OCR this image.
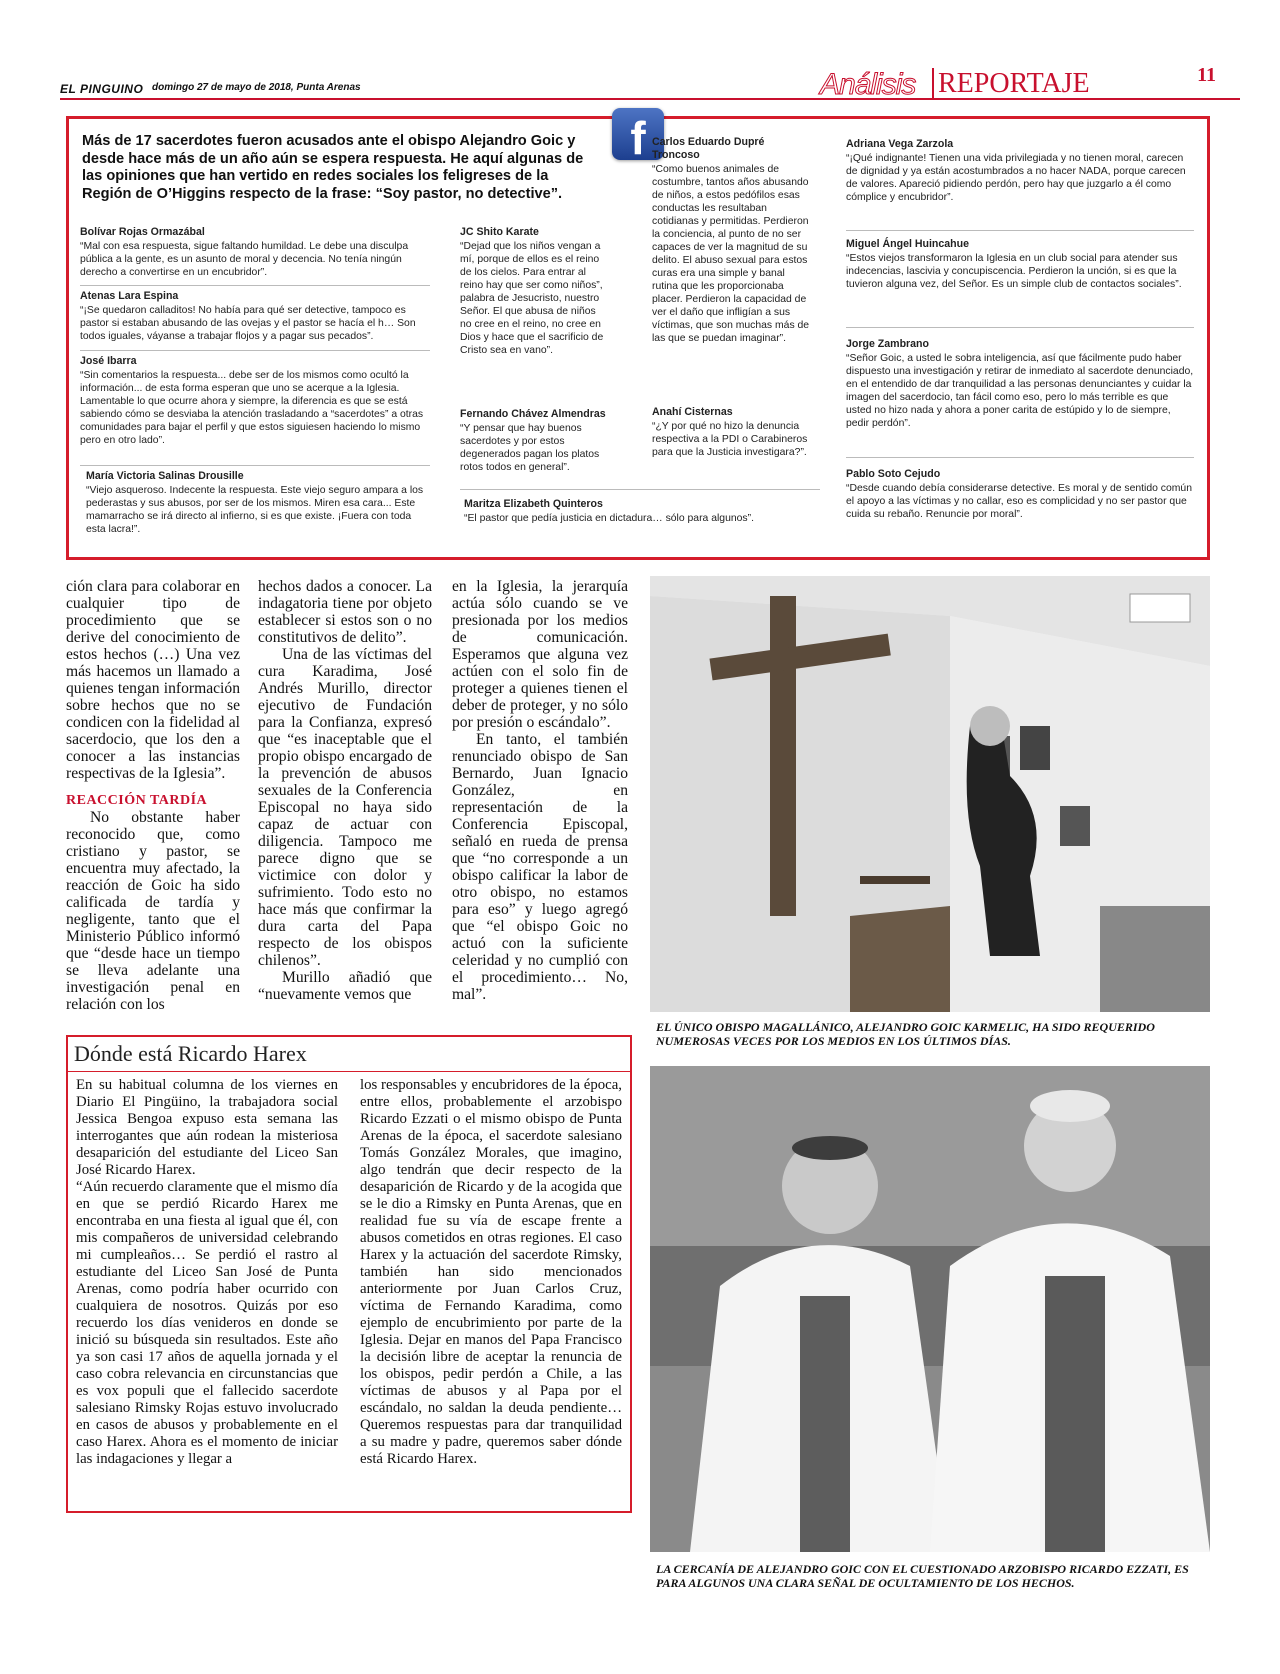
EL PINGUINO domingo 27 de mayo de 2018, Punta Arenas	Análisis REPORTAJE	11
f
Más de 17 sacerdotes fueron acusados ante el obispo Alejandro Goic y desde hace más de un año aún se espera respuesta. He aquí algunas de las opiniones que han vertido en redes sociales los feligreses de la Región de O’Higgins respecto de la frase: “Soy pastor, no detective”.
Bolívar Rojas Ormazábal
“Mal con esa respuesta, sigue faltando humildad. Le debe una disculpa pública a la gente, es un asunto de moral y decencia. No tenía ningún derecho a convertirse en un encubridor”.
Atenas Lara Espina
“¡Se quedaron calladitos! No había para qué ser detective, tampoco es pastor si estaban abusando de las ovejas y el pastor se hacía el h… Son todos iguales, váyanse a trabajar flojos y a pagar sus pecados”.
José Ibarra
“Sin comentarios la respuesta... debe ser de los mismos como ocultó la información... de esta forma esperan que uno se acerque a la Iglesia. Lamentable lo que ocurre ahora y siempre, la diferencia es que se está sabiendo cómo se desviaba la atención trasladando a “sacerdotes” a otras comunidades para bajar el perfil y que estos siguiesen haciendo lo mismo pero en otro lado”.
María Victoria Salinas Drousille
“Viejo asqueroso. Indecente la respuesta. Este viejo seguro ampara a los pederastas y sus abusos, por ser de los mismos. Miren esa cara... Este mamarracho se irá directo al infierno, si es que existe. ¡Fuera con toda esta lacra!”.
JC Shito Karate
“Dejad que los niños vengan a mí, porque de ellos es el reino de los cielos. Para entrar al reino hay que ser como niños”, palabra de Jesucristo, nuestro Señor. El que abusa de niños no cree en el reino, no cree en Dios y hace que el sacrificio de Cristo sea en vano”.
Fernando Chávez Almendras
“Y pensar que hay buenos sacerdotes y por estos degenerados pagan los platos rotos todos en general”.
Maritza Elizabeth Quinteros
“El pastor que pedía justicia en dictadura… sólo para algunos”.
Carlos Eduardo Dupré Troncoso
“Como buenos animales de costumbre, tantos años abusando de niños, a estos pedófilos esas conductas les resultaban cotidianas y permitidas. Perdieron la conciencia, al punto de no ser capaces de ver la magnitud de su delito. El abuso sexual para estos curas era una simple y banal rutina que les proporcionaba placer. Perdieron la capacidad de ver el daño que infligían a sus víctimas, que son muchas más de las que se puedan imaginar”.
Anahí Cisternas
“¿Y por qué no hizo la denuncia respectiva a la PDI o Carabineros para que la Justicia investigara?”.
Adriana Vega Zarzola
“¡Qué indignante! Tienen una vida privilegiada y no tienen moral, carecen de dignidad y ya están acostumbrados a no hacer NADA, porque carecen de valores. Apareció pidiendo perdón, pero hay que juzgarlo a él como cómplice y encubridor”.
Miguel Ángel Huincahue
“Estos viejos transformaron la Iglesia en un club social para atender sus indecencias, lascivia y concupiscencia. Perdieron la unción, si es que la tuvieron alguna vez, del Señor. Es un simple club de contactos sociales”.
Jorge Zambrano
“Señor Goic, a usted le sobra inteligencia, así que fácilmente pudo haber dispuesto una investigación y retirar de inmediato al sacerdote denunciado, en el entendido de dar tranquilidad a las personas denunciantes y cuidar la imagen del sacerdocio, tan fácil como eso, pero lo más terrible es que usted no hizo nada y ahora a poner carita de estúpido y lo de siempre, pedir perdón”.
Pablo Soto Cejudo
“Desde cuando debía considerarse detective. Es moral y de sentido común el apoyo a las víctimas y no callar, eso es complicidad y no ser pastor que cuida su rebaño. Renuncie por moral”.

ción clara para colaborar en cualquier tipo de procedimiento que se derive del conocimiento de estos hechos (…) Una vez más hacemos un llamado a quienes tengan información sobre hechos que no se condicen con la fidelidad al sacerdocio, que los den a conocer a las instancias respectivas de la Iglesia”.

REACCIÓN TARDÍA

No obstante haber reconocido que, como cristiano y pastor, se encuentra muy afectado, la reacción de Goic ha sido calificada de tardía y negligente, tanto que el Ministerio Público informó que “desde hace un tiempo se lleva adelante una investigación penal en relación con los

hechos dados a conocer. La indagatoria tiene por objeto establecer si estos son o no constitutivos de delito”.

Una de las víctimas del cura Karadima, José Andrés Murillo, director ejecutivo de Fundación para la Confianza, expresó que “es inaceptable que el propio obispo encargado de la prevención de abusos sexuales de la Conferencia Episcopal no haya sido capaz de actuar con diligencia. Tampoco me parece digno que se victimice con dolor y sufrimiento. Todo esto no hace más que confirmar la dura carta del Papa respecto de los obispos chilenos”.

Murillo añadió que “nuevamente vemos que

en la Iglesia, la jerarquía actúa sólo cuando se ve presionada por los medios de comunicación. Esperamos que alguna vez actúen con el solo fin de proteger a quienes tienen el deber de proteger, y no sólo por presión o escándalo”.

En tanto, el también renunciado obispo de San Bernardo, Juan Ignacio González, en representación de la Conferencia Episcopal, señaló en rueda de prensa que “no corresponde a un obispo calificar la labor de otro obispo, no estamos para eso” y luego agregó que “el obispo Goic no actuó con la suficiente celeridad y no cumplió con el procedimiento… No, mal”.

EL ÚNICO OBISPO MAGALLÁNICO, ALEJANDRO GOIC KARMELIC, HA SIDO REQUERIDO NUMEROSAS VECES POR LOS MEDIOS EN LOS ÚLTIMOS DÍAS.
LA CERCANÍA DE ALEJANDRO GOIC CON EL CUESTIONADO ARZOBISPO RICARDO EZZATI, ES PARA ALGUNOS UNA CLARA SEÑAL DE OCULTAMIENTO DE LOS HECHOS.
Dónde está Ricardo Harex

En su habitual columna de los viernes en Diario El Pingüino, la trabajadora social Jessica Bengoa expuso esta semana las interrogantes que aún rodean la misteriosa desaparición del estudiante del Liceo San José Ricardo Harex.

“Aún recuerdo claramente que el mismo día en que se perdió Ricardo Harex me encontraba en una fiesta al igual que él, con mis compañeros de universidad celebrando mi cumpleaños… Se perdió el rastro al estudiante del Liceo San José de Punta Arenas, como podría haber ocurrido con cualquiera de nosotros. Quizás por eso recuerdo los días venideros en donde se inició su búsqueda sin resultados. Este año ya son casi 17 años de aquella jornada y el caso cobra relevancia en circunstancias que es vox populi que el fallecido sacerdote salesiano Rimsky Rojas estuvo involucrado en casos de abusos y probablemente en el caso Harex. Ahora es el momento de iniciar las indagaciones y llegar a

los responsables y encubridores de la época, entre ellos, probablemente el arzobispo Ricardo Ezzati o el mismo obispo de Punta Arenas de la época, el sacerdote salesiano Tomás González Morales, que imagino, algo tendrán que decir respecto de la desaparición de Ricardo y de la acogida que se le dio a Rimsky en Punta Arenas, que en realidad fue su vía de escape frente a abusos cometidos en otras regiones. El caso Harex y la actuación del sacerdote Rimsky, también han sido mencionados anteriormente por Juan Carlos Cruz, víctima de Fernando Karadima, como ejemplo de encubrimiento por parte de la Iglesia. Dejar en manos del Papa Francisco la decisión libre de aceptar la renuncia de los obispos, pedir perdón a Chile, a las víctimas de abusos y al Papa por el escándalo, no saldan la deuda pendiente… Queremos respuestas para dar tranquilidad a su madre y padre, queremos saber dónde está Ricardo Harex.
